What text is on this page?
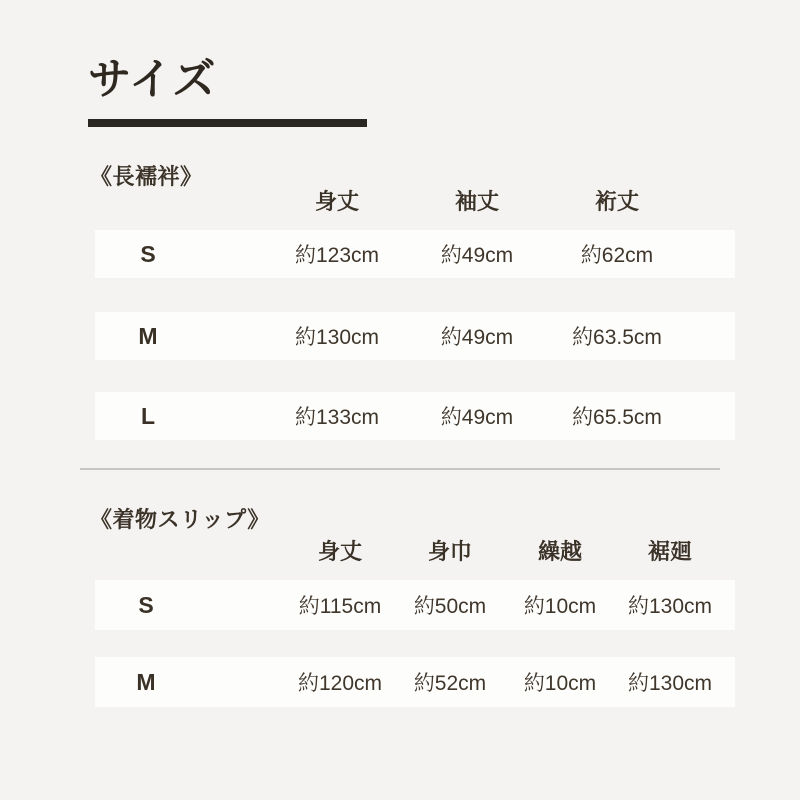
サイズ
《長襦袢》
身丈	袖丈	裄丈
S	約123cm	約49cm	約62cm
M	約130cm	約49cm	約63.5cm
L	約133cm	約49cm	約65.5cm
《着物スリップ》
身丈	身巾	繰越	裾廻
S	約115cm	約50cm	約10cm	約130cm
M	約120cm	約52cm	約10cm	約130cm
